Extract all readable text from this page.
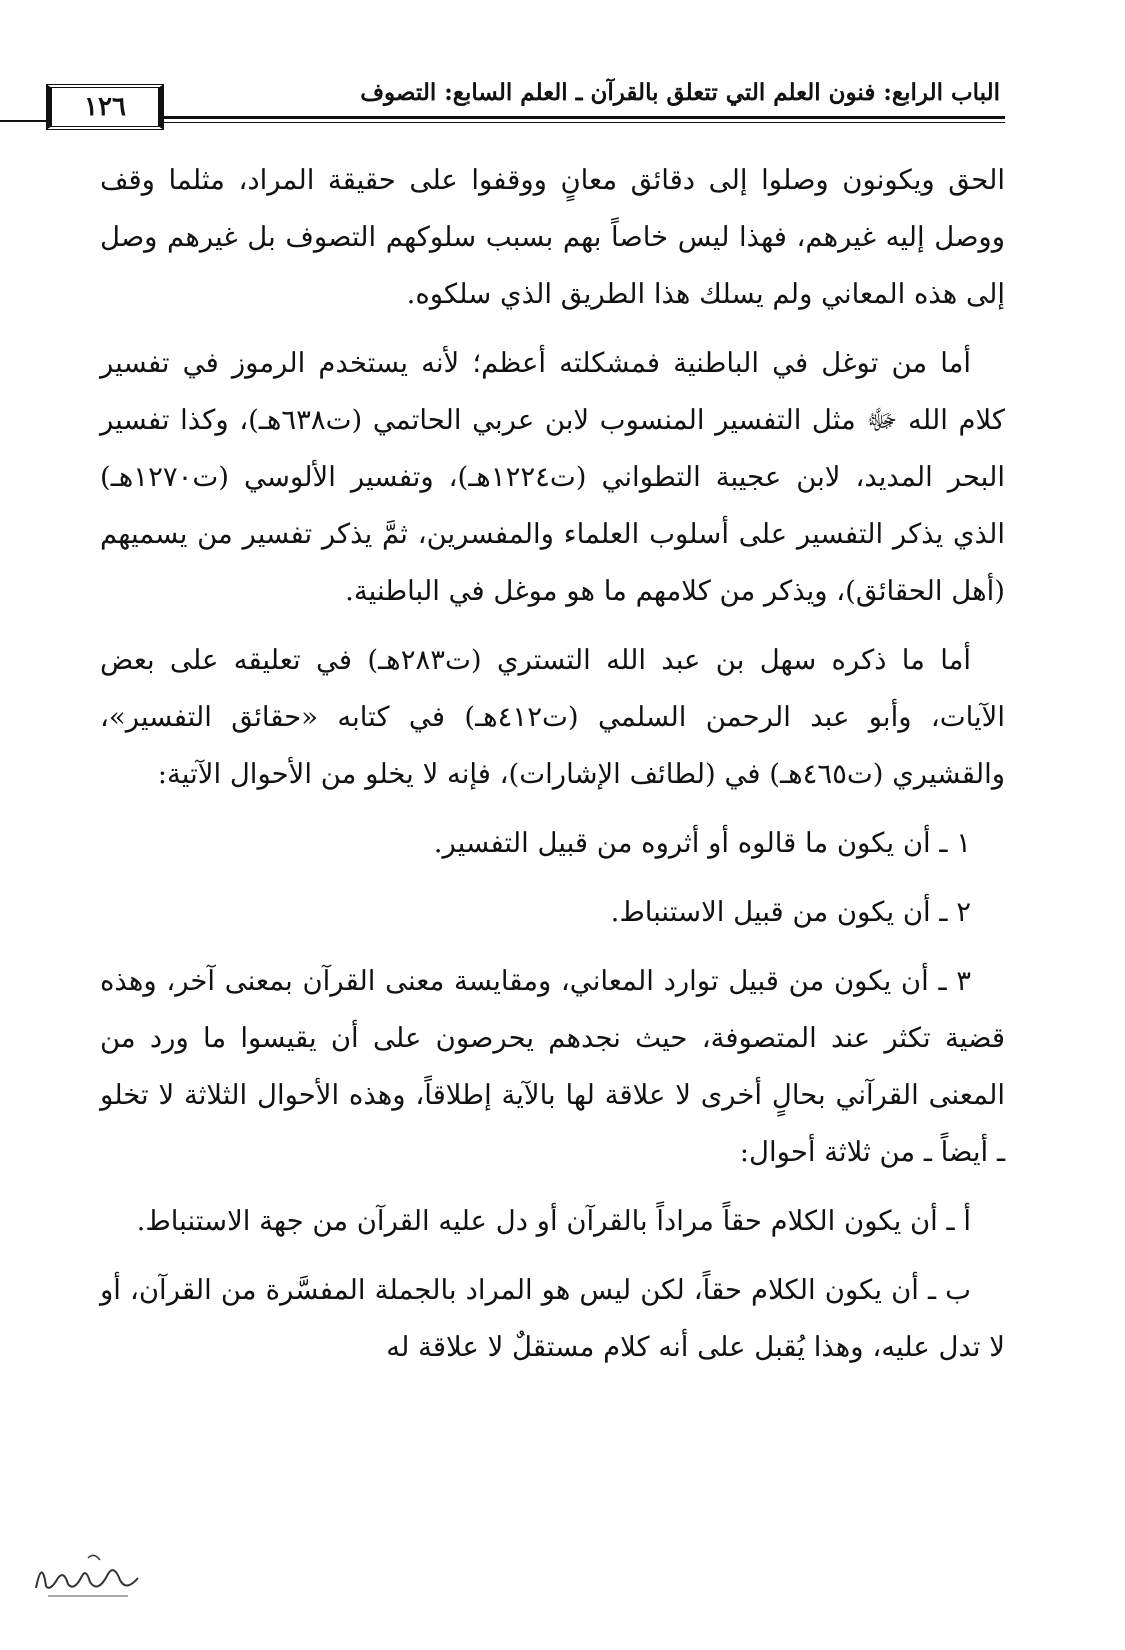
الباب الرابع: فنون العلم التي تتعلق بالقرآن ـ العلم السابع: التصوف
١٢٦

الحق ويكونون وصلوا إلى دقائق معانٍ ووقفوا على حقيقة المراد، مثلما وقف ووصل إليه غيرهم، فهذا ليس خاصاً بهم بسبب سلوكهم التصوف بل غيرهم وصل إلى هذه المعاني ولم يسلك هذا الطريق الذي سلكوه.

أما من توغل في الباطنية فمشكلته أعظم؛ لأنه يستخدم الرموز في تفسير كلام الله ﷻ مثل التفسير المنسوب لابن عربي الحاتمي (ت٦٣٨هـ)، وكذا تفسير البحر المديد، لابن عجيبة التطواني (ت١٢٢٤هـ)، وتفسير الألوسي (ت١٢٧٠هـ) الذي يذكر التفسير على أسلوب العلماء والمفسرين، ثمَّ يذكر تفسير من يسميهم (أهل الحقائق)، ويذكر من كلامهم ما هو موغل في الباطنية.

أما ما ذكره سهل بن عبد الله التستري (ت٢٨٣هـ) في تعليقه على بعض الآيات، وأبو عبد الرحمن السلمي (ت٤١٢هـ) في كتابه «حقائق التفسير»، والقشيري (ت٤٦٥هـ) في (لطائف الإشارات)، فإنه لا يخلو من الأحوال الآتية:

١ ـ أن يكون ما قالوه أو أثروه من قبيل التفسير.

٢ ـ أن يكون من قبيل الاستنباط.

٣ ـ أن يكون من قبيل توارد المعاني، ومقايسة معنى القرآن بمعنى آخر، وهذه قضية تكثر عند المتصوفة، حيث نجدهم يحرصون على أن يقيسوا ما ورد من المعنى القرآني بحالٍ أخرى لا علاقة لها بالآية إطلاقاً، وهذه الأحوال الثلاثة لا تخلو ـ أيضاً ـ من ثلاثة أحوال:

أ ـ أن يكون الكلام حقاً مراداً بالقرآن أو دل عليه القرآن من جهة الاستنباط.

ب ـ أن يكون الكلام حقاً، لكن ليس هو المراد بالجملة المفسَّرة من القرآن، أو لا تدل عليه، وهذا يُقبل على أنه كلام مستقلٌ لا علاقة له
